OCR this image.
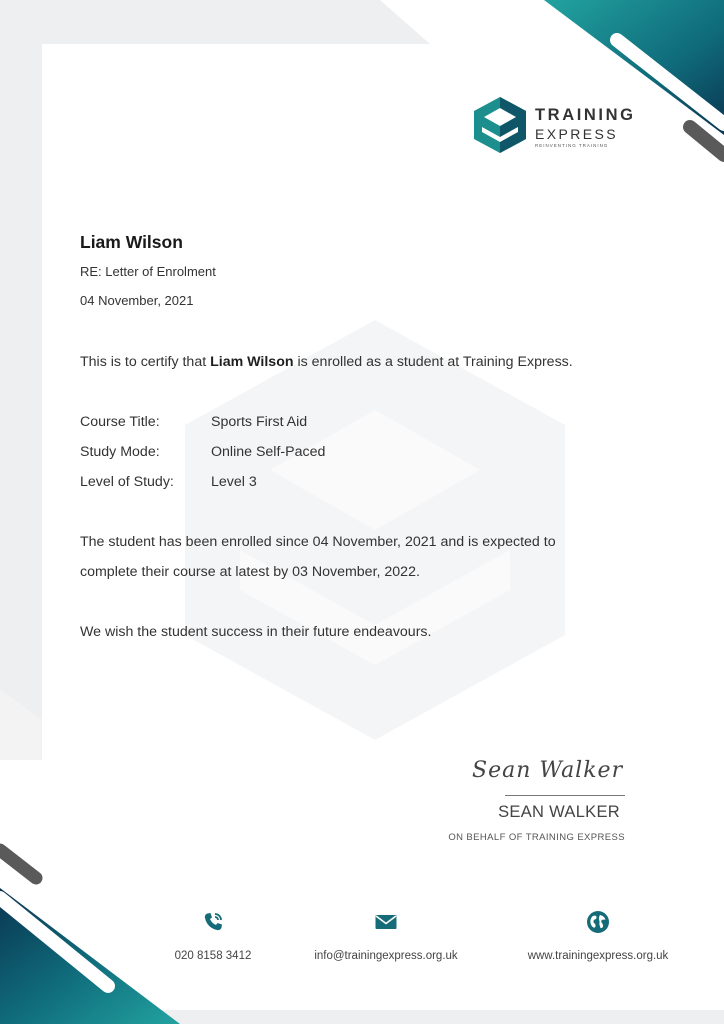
TRAINING
EXPRESS
REINVENTING TRAINING
Liam Wilson
RE: Letter of Enrolment
04 November, 2021
This is to certify that Liam Wilson is enrolled as a student at Training Express.
Course Title:	Sports First Aid
Study Mode:	Online Self-Paced
Level of Study:	Level 3
The student has been enrolled since 04 November, 2021 and is expected to
complete their course at latest by 03 November, 2022.
We wish the student success in their future endeavours.
Sean Walker
SEAN WALKER
ON BEHALF OF TRAINING EXPRESS
020 8158 3412	info@trainingexpress.org.uk	www.trainingexpress.org.uk
